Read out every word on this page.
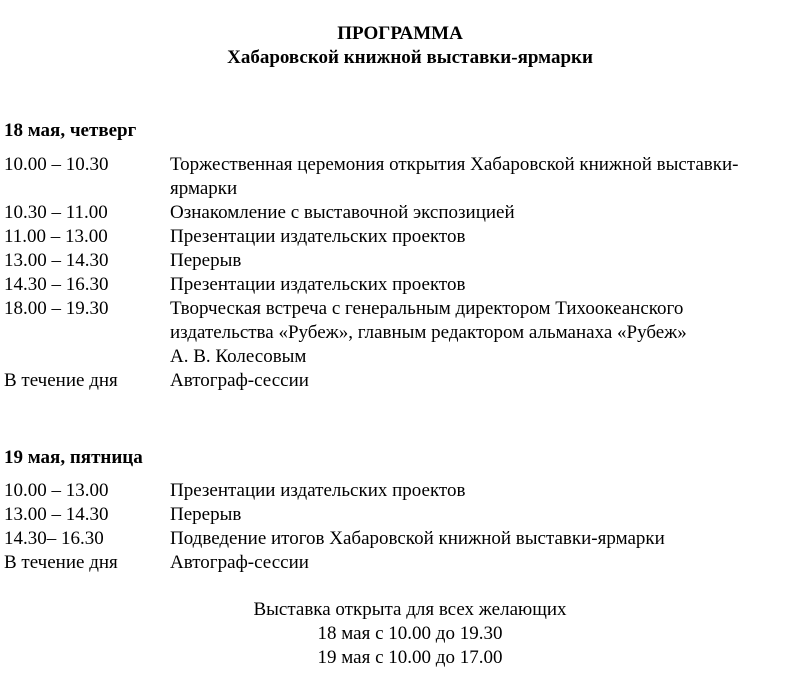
ПРОГРАММА
Хабаровской книжной выставки-ярмарки
18 мая, четверг
10.00 – 10.30	Торжественная церемония открытия Хабаровской книжной выставки-
ярмарки
10.30 – 11.00	Ознакомление с выставочной экспозицией
11.00 – 13.00	Презентации издательских проектов
13.00 – 14.30	Перерыв
14.30 – 16.30	Презентации издательских проектов
18.00 – 19.30	Творческая встреча с генеральным директором Тихоокеанского
издательства «Рубеж», главным редактором альманаха «Рубеж»
А. В. Колесовым
В течение дня	Автограф-сессии
19 мая, пятница
10.00 – 13.00	Презентации издательских проектов
13.00 – 14.30	Перерыв
14.30– 16.30	Подведение итогов Хабаровской книжной выставки-ярмарки
В течение дня	Автограф-сессии
Выставка открыта для всех желающих
18 мая с 10.00 до 19.30
19 мая с 10.00 до 17.00
